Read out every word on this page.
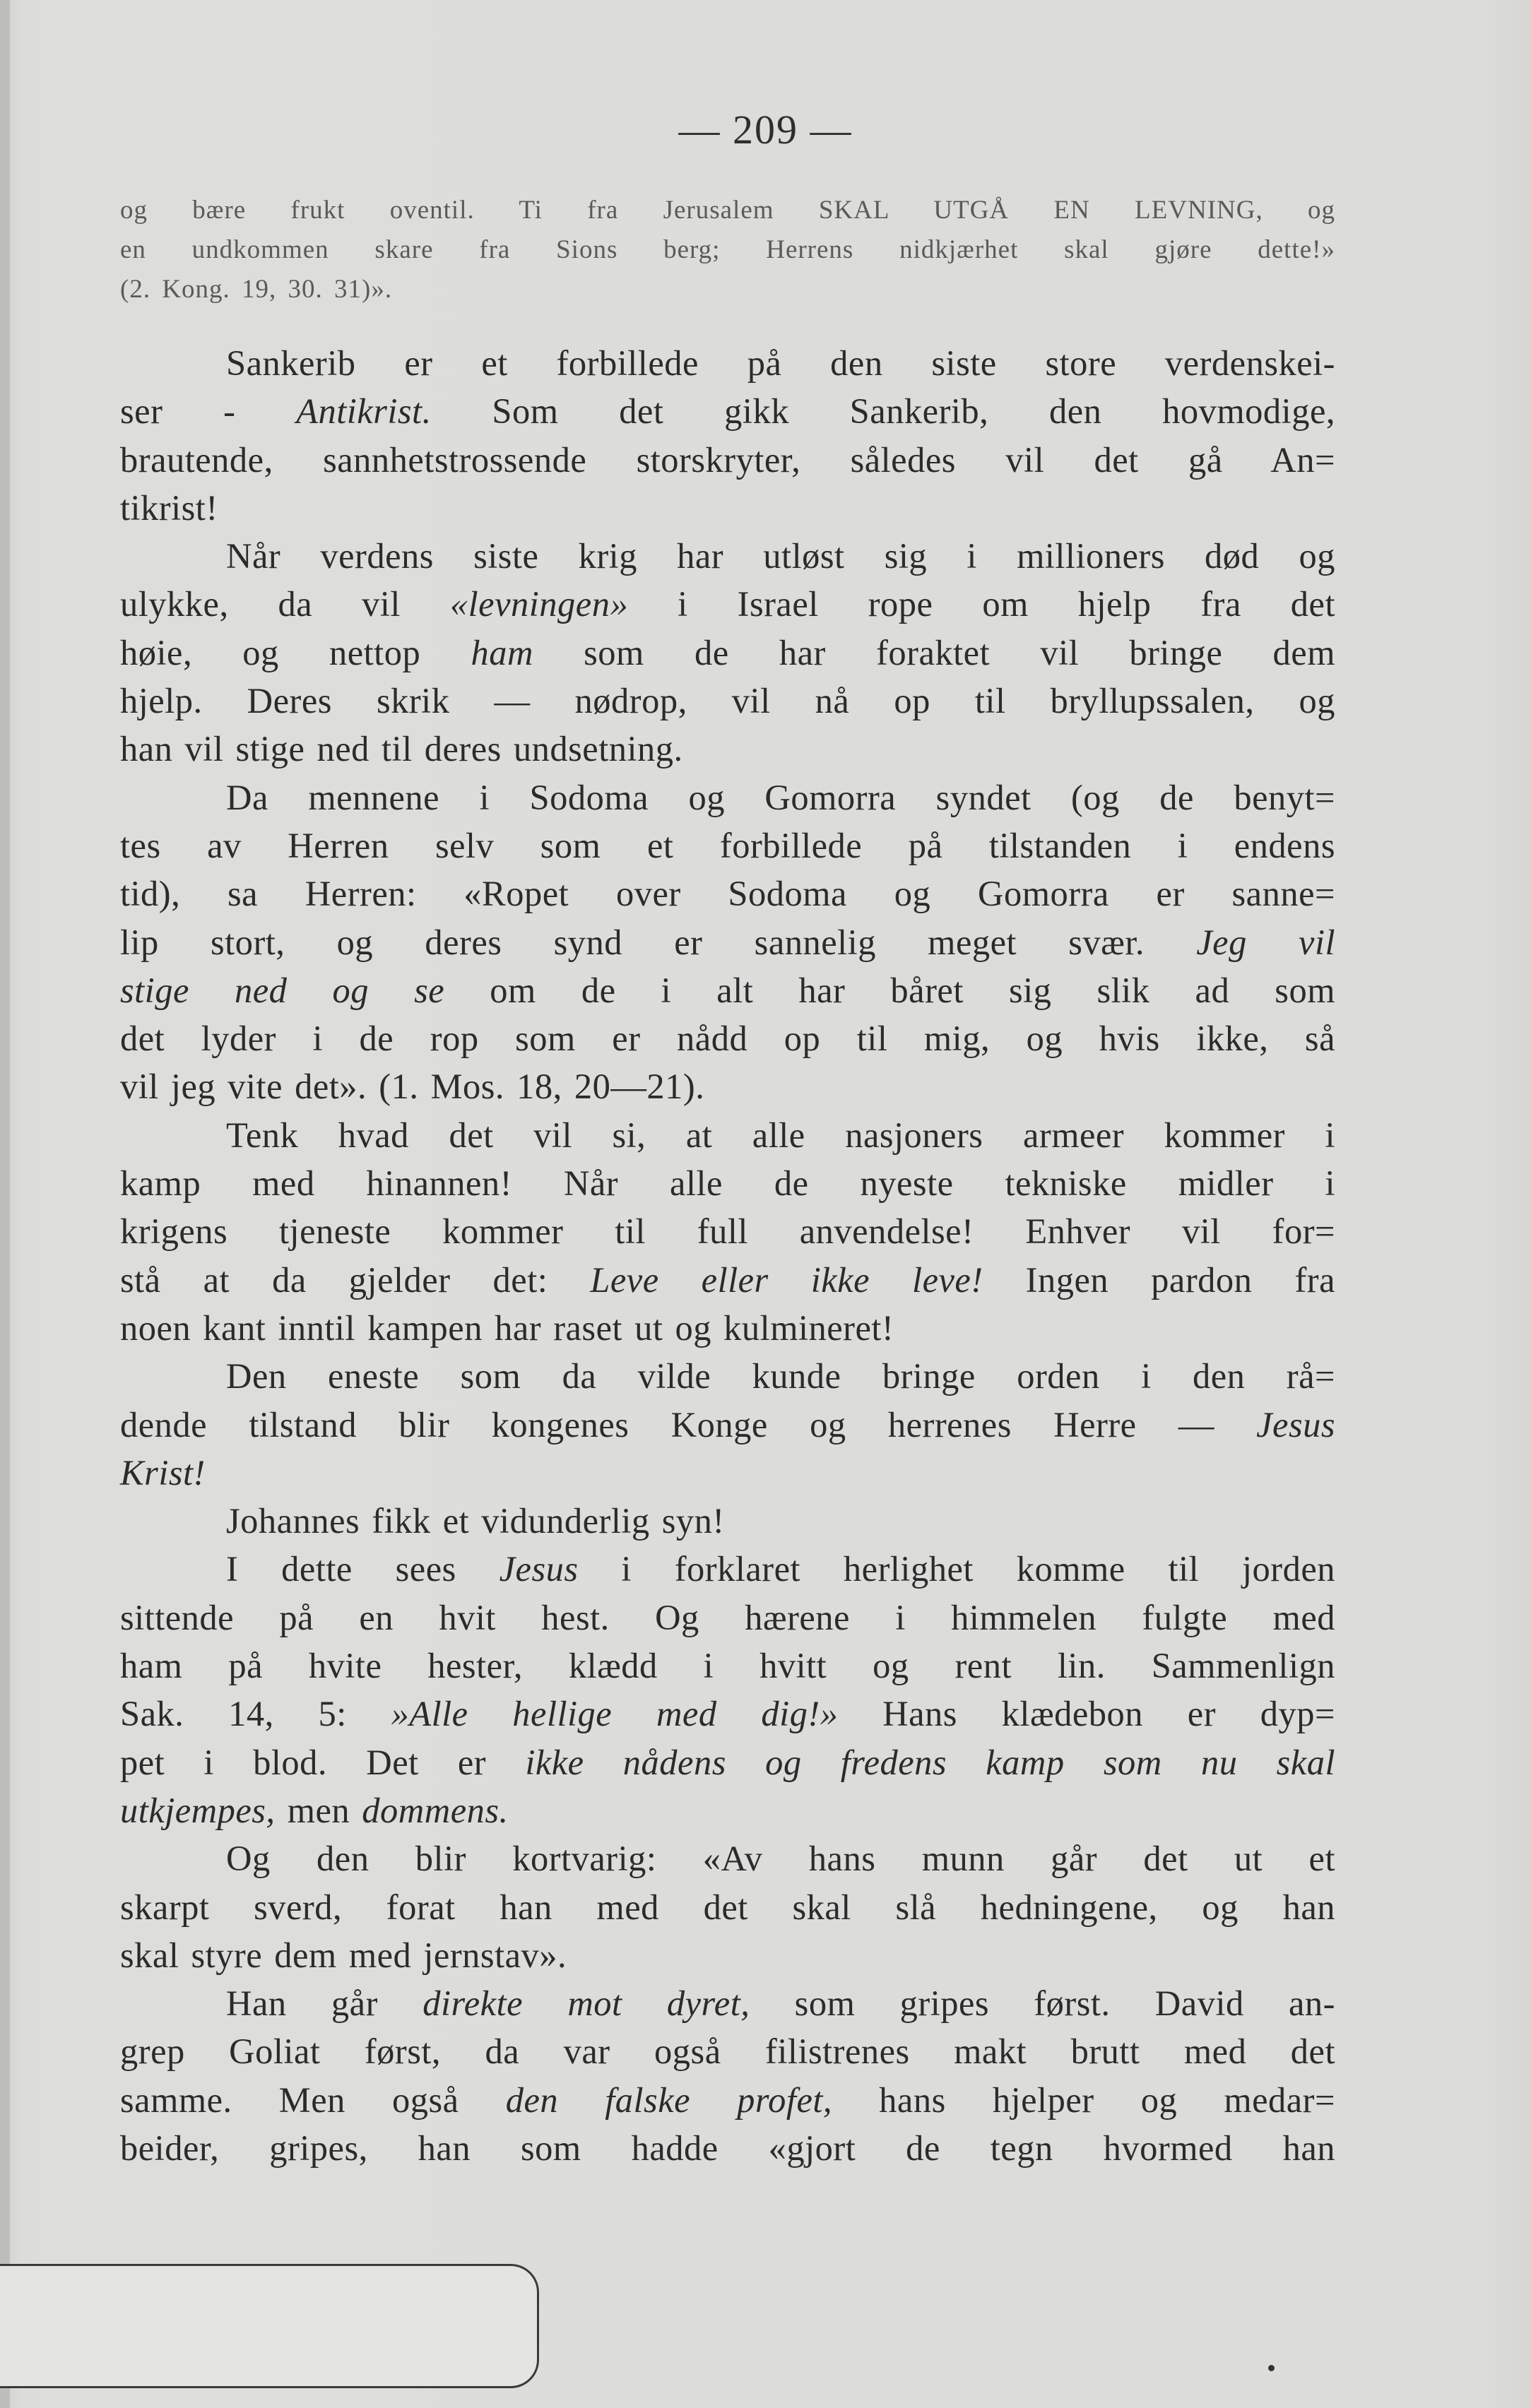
— 209 —
og bære frukt oventil. Ti fra Jerusalem SKAL UTGÅ EN LEVNING, og
en undkommen skare fra Sions berg; Herrens nidkjærhet skal gjøre dette!»
(2. Kong. 19, 30. 31)».
Sankerib er et forbillede på den siste store verdenskei-
ser - Antikrist. Som det gikk Sankerib, den hovmodige,
brautende, sannhetstrossende storskryter, således vil det gå An=
tikrist!
Når verdens siste krig har utløst sig i millioners død og
ulykke, da vil «levningen» i Israel rope om hjelp fra det
høie, og nettop ham som de har foraktet vil bringe dem
hjelp. Deres skrik — nødrop, vil nå op til bryllupssalen, og
han vil stige ned til deres undsetning.
Da mennene i Sodoma og Gomorra syndet (og de benyt=
tes av Herren selv som et forbillede på tilstanden i endens
tid), sa Herren: «Ropet over Sodoma og Gomorra er sanne=
lip stort, og deres synd er sannelig meget svær. Jeg vil
stige ned og se om de i alt har båret sig slik ad som
det lyder i de rop som er nådd op til mig, og hvis ikke, så
vil jeg vite det». (1. Mos. 18, 20—21).
Tenk hvad det vil si, at alle nasjoners armeer kommer i
kamp med hinannen! Når alle de nyeste tekniske midler i
krigens tjeneste kommer til full anvendelse! Enhver vil for=
stå at da gjelder det: Leve eller ikke leve! Ingen pardon fra
noen kant inntil kampen har raset ut og kulmineret!
Den eneste som da vilde kunde bringe orden i den rå=
dende tilstand blir kongenes Konge og herrenes Herre — Jesus
Krist!
Johannes fikk et vidunderlig syn!
I dette sees Jesus i forklaret herlighet komme til jorden
sittende på en hvit hest. Og hærene i himmelen fulgte med
ham på hvite hester, klædd i hvitt og rent lin. Sammenlign
Sak. 14, 5: »Alle hellige med dig!» Hans klædebon er dyp=
pet i blod. Det er ikke nådens og fredens kamp som nu skal
utkjempes, men dommens.
Og den blir kortvarig: «Av hans munn går det ut et
skarpt sverd, forat han med det skal slå hedningene, og han
skal styre dem med jernstav».
Han går direkte mot dyret, som gripes først. David an-
grep Goliat først, da var også filistrenes makt brutt med det
samme. Men også den falske profet, hans hjelper og medar=
beider, gripes, han som hadde «gjort de tegn hvormed han
